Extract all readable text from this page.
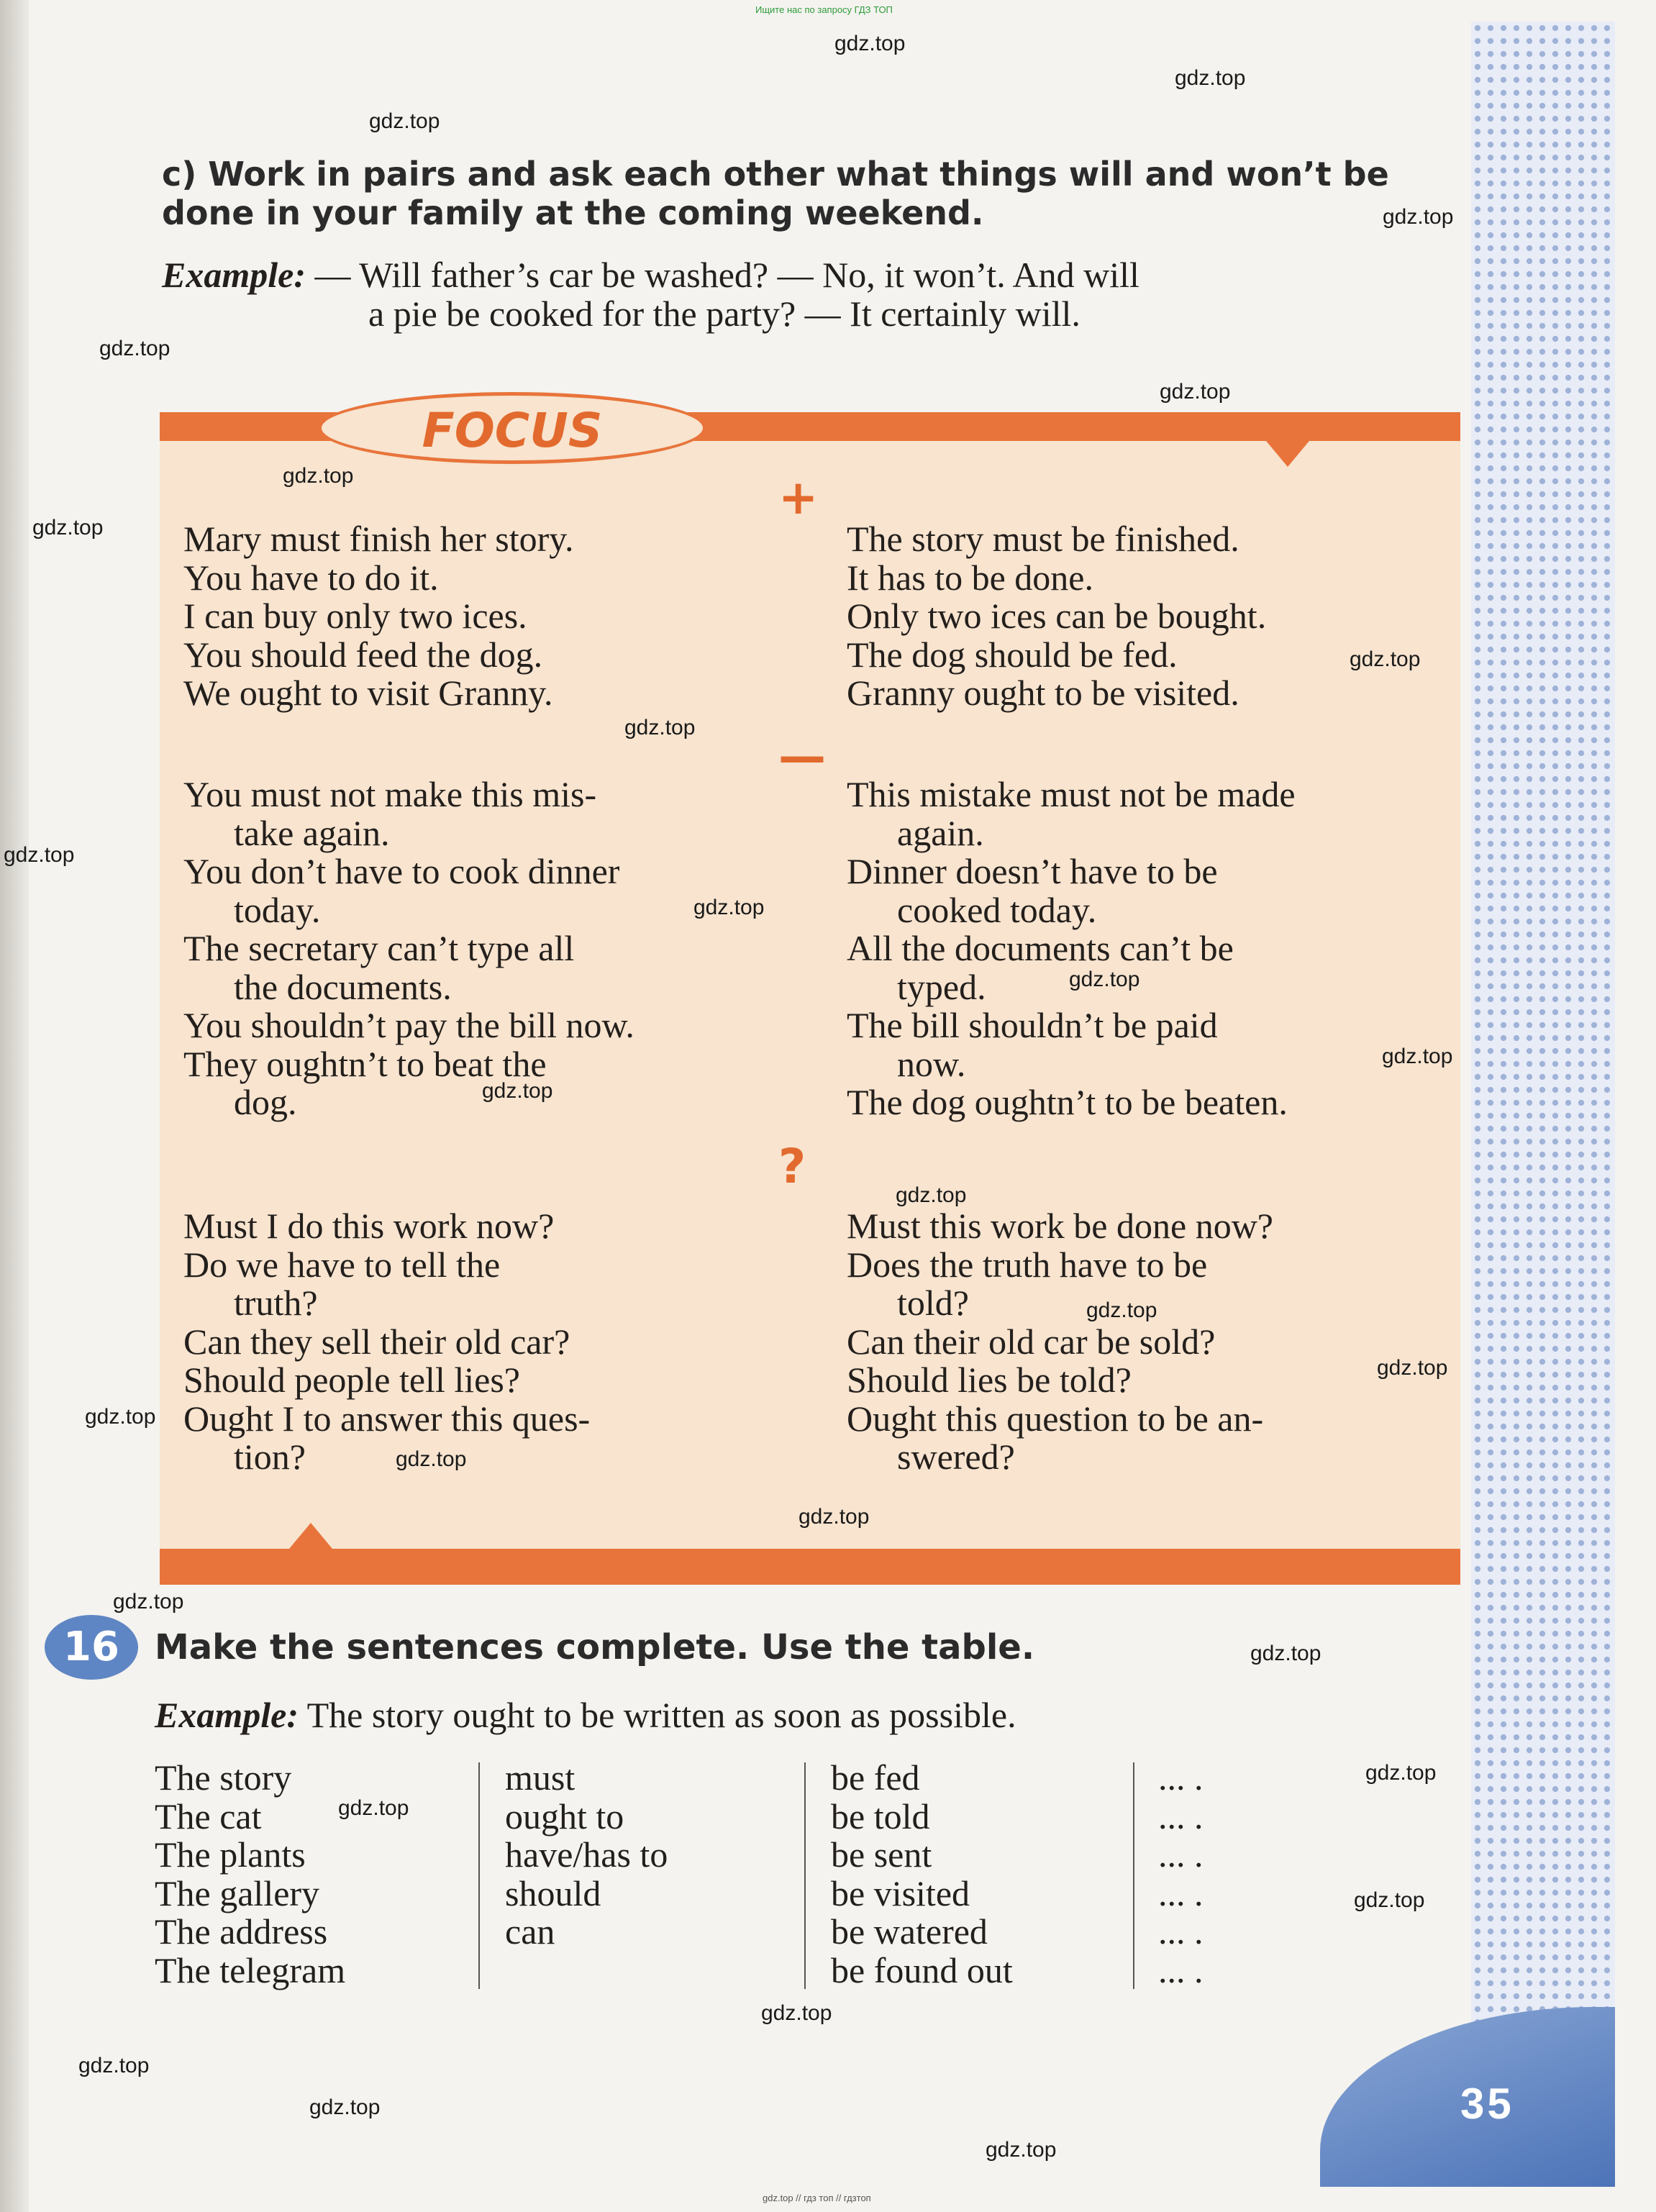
35
Ищите нас по запросу ГДЗ ТОП
gdz.top // гдз топ // гдзтоп
c) Work in pairs and ask each other what things will and won’t be
done in your family at the coming weekend.
Example: — Will father’s car be washed? — No, it won’t. And will
a pie be cooked for the party? — It certainly will.
FOCUS
+
Mary must finish her story.
You have to do it.
I can buy only two ices.
You should feed the dog.
We ought to visit Granny.
The story must be finished.
It has to be done.
Only two ices can be bought.
The dog should be fed.
Granny ought to be visited.
—
You must not make this mis-
take again.
You don’t have to cook dinner
today.
The secretary can’t type all
the documents.
You shouldn’t pay the bill now.
They oughtn’t to beat the
dog.
This mistake must not be made
again.
Dinner doesn’t have to be
cooked today.
All the documents can’t be
typed.
The bill shouldn’t be paid
now.
The dog oughtn’t to be beaten.
?
Must I do this work now?
Do we have to tell the
truth?
Can they sell their old car?
Should people tell lies?
Ought I to answer this ques-
tion?
Must this work be done now?
Does the truth have to be
told?
Can their old car be sold?
Should lies be told?
Ought this question to be an-
swered?
16	Make the sentences complete. Use the table.
Example: The story ought to be written as soon as possible.
The story
The cat
The plants
The gallery
The address
The telegram
must
ought to
have/has to
should
can
be fed
be told
be sent
be visited
be watered
be found out
... .
... .
... .
... .
... .
... .
gdz.top
gdz.top
gdz.top
gdz.top
gdz.top
gdz.top
gdz.top
gdz.top
gdz.top
gdz.top
gdz.top
gdz.top
gdz.top
gdz.top
gdz.top
gdz.top
gdz.top
gdz.top
gdz.top
gdz.top
gdz.top
gdz.top
gdz.top
gdz.top
gdz.top
gdz.top
gdz.top
gdz.top
gdz.top
gdz.top
